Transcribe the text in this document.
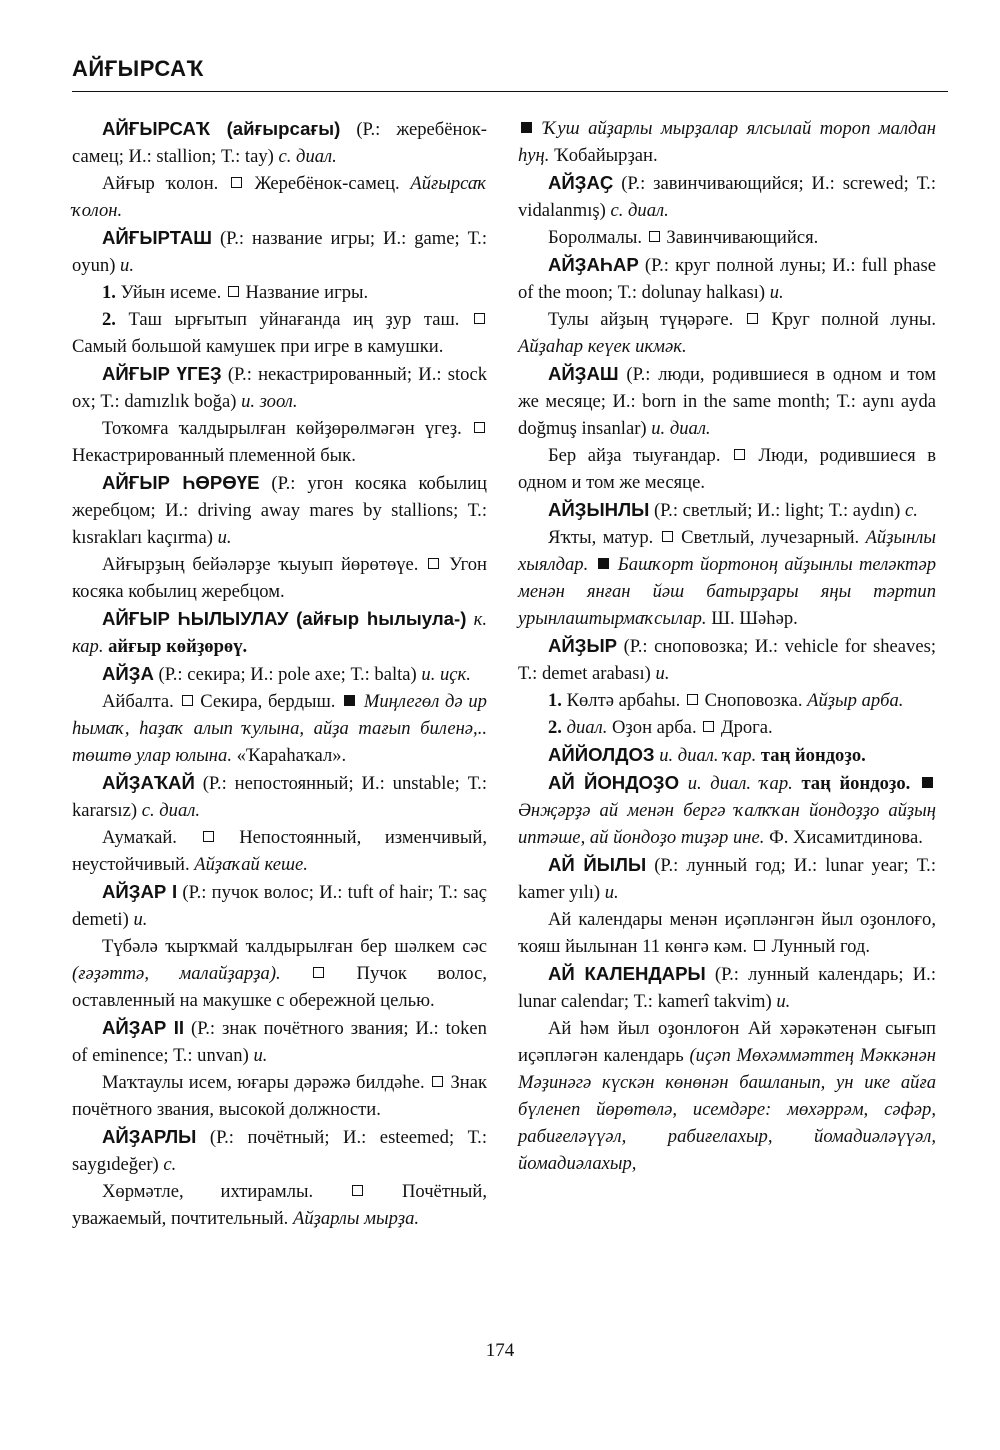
АЙҒЫРСАҠ

АЙҒЫРСАҠ (айғырсағы) (Р.: жеребёнок-самец; И.: stallion; Т.: tay) с. диал.

Айғыр ҡолон.  Жеребёнок-самец. Айғырсаҡ ҡолон.

АЙҒЫРТАШ (Р.: название игры; И.: game; Т.: oyun) и.

1. Уйын исеме.  Название игры.

2. Таш ырғытып уйнағанда иң ҙур таш.  Самый большой камушек при игре в камушки.

АЙҒЫР ҮГЕҘ (Р.: некастрированный; И.: stock ox; Т.: damızlık boğa) и. зоол.

Тоҡомға ҡалдырылған көйҙөрөлмәгән үгеҙ.  Некастрированный племенной бык.

АЙҒЫР ҺӨРӨҮЕ (Р.: угон косяка кобылиц жеребцом; И.: driving away mares by stallions; Т.: kısrakları kaçırma) и.

Айғырҙың бейәләрҙе ҡыуып йөрөтөүе.  Угон косяка кобылиц жеребцом.

АЙҒЫР ҺЫЛЫУЛАУ (айғыр һылыула-) к. кар. айғыр көйҙөрөү.

АЙҘА (Р.: секира; И.: pole axe; Т.: balta) и. иҫк.

Айбалта.  Секира, бердыш.  Миңлегөл дә ир һымаҡ, һаҙаҡ алып ҡулына, айҙа тағып биленә,.. төштө улар юлына. «Ҡараһаҡал».

АЙҘАҠАЙ (Р.: непостоянный; И.: unstable; Т.: kararsız) с. диал.

Аумаҡай.  Непостоянный, изменчивый, неустойчивый. Айҙаҡай кеше.

АЙҘАР I (Р.: пучок волос; И.: tuft of hair; Т.: saç demeti) и.

Түбәлә ҡырҡмай ҡалдырылған бер шәлкем сәс (ғәҙәттә, малайҙарҙа).  Пучок волос, оставленный на макушке с обережной целью.

АЙҘАР II (Р.: знак почётного звания; И.: token of eminence; Т.: unvan) и.

Маҡтаулы исем, юғары дәрәжә билдәһе.  Знак почётного звания, высокой должности.

АЙҘАРЛЫ (Р.: почётный; И.: esteemed; Т.: saygıdeğer) с.

Хөрмәтле, ихтирамлы.	Почётный, уважаемый, почтительный. Айҙарлы мырҙа.

Ҡуш айҙарлы мырҙалар ялсылай тороп малдан һуң. Ҡобайырҙан.

АЙҘАҪ (Р.: завинчивающийся; И.: screwed; Т.: vidalanmış) с. диал.

Боролмалы.  Завинчивающийся.

АЙҘАҺАР (Р.: круг полной луны; И.: full phase of the moon; Т.: dolunay halkası) и.

Тулы айҙың түңәрәге.  Круг полной луны. Айҙаһар кеүек икмәк.

АЙҘАШ (Р.: люди, родившиеся в одном и том же месяце; И.: born in the same month; Т.: aynı ayda doğmuş insanlar) и. диал.

Бер айҙа тыуғандар.  Люди, родившиеся в одном и том же месяце.

АЙҘЫНЛЫ (Р.: светлый; И.: light; Т.: aydın) с.

Яҡты, матур.  Светлый, лучезарный. Айҙынлы хыялдар.  Башҡорт йортоноң айҙынлы теләктәр менән янған йәш батырҙары яңы тәртип урынлаштырмаҡсылар. Ш. Шәһәр.

АЙҘЫР (Р.: сноповозка; И.: vehicle for sheaves; Т.: demet arabası) и.

1. Көлтә арбаһы.  Сноповозка. Айҙыр арба.

2. диал. Оҙон арба.  Дрога.

АЙЙОЛДОЗ и. диал. ҡар. таң йондоҙо.

АЙ ЙОНДОҘО и. диал. ҡар. таң йондоҙо.  Әнҗәрҙә ай менән бергә ҡалҡҡан йондоҙҙо айҙың иптәше, ай йондоҙо тиҙәр ине. Ф. Хисамитдинова.

АЙ ЙЫЛЫ (Р.: лунный год; И.: lunar year; Т.: kamer yılı) и.

Ай календары менән иҫәпләнгән йыл оҙонлоғо, ҡояш йылынан 11 көнгә кәм.  Лунный год.

АЙ КАЛЕНДАРЫ (Р.: лунный календарь; И.: lunar calendar; Т.: kamerî takvim) и.

Ай һәм йыл оҙонлоғон Ай хәрәкәтенән сығып иҫәпләгән календарь (иҫәп Мөхәммәттең Мәккәнән Мәҙинәгә күскән көнөнән башланып, ун ике айға бүленеп йөрөтөлә, исемдәре: мөхәррәм, сәфәр, рабиғеләүүәл, рабиғелахыр, йомадиәләүүәл, йомадиәлахыр,

174
